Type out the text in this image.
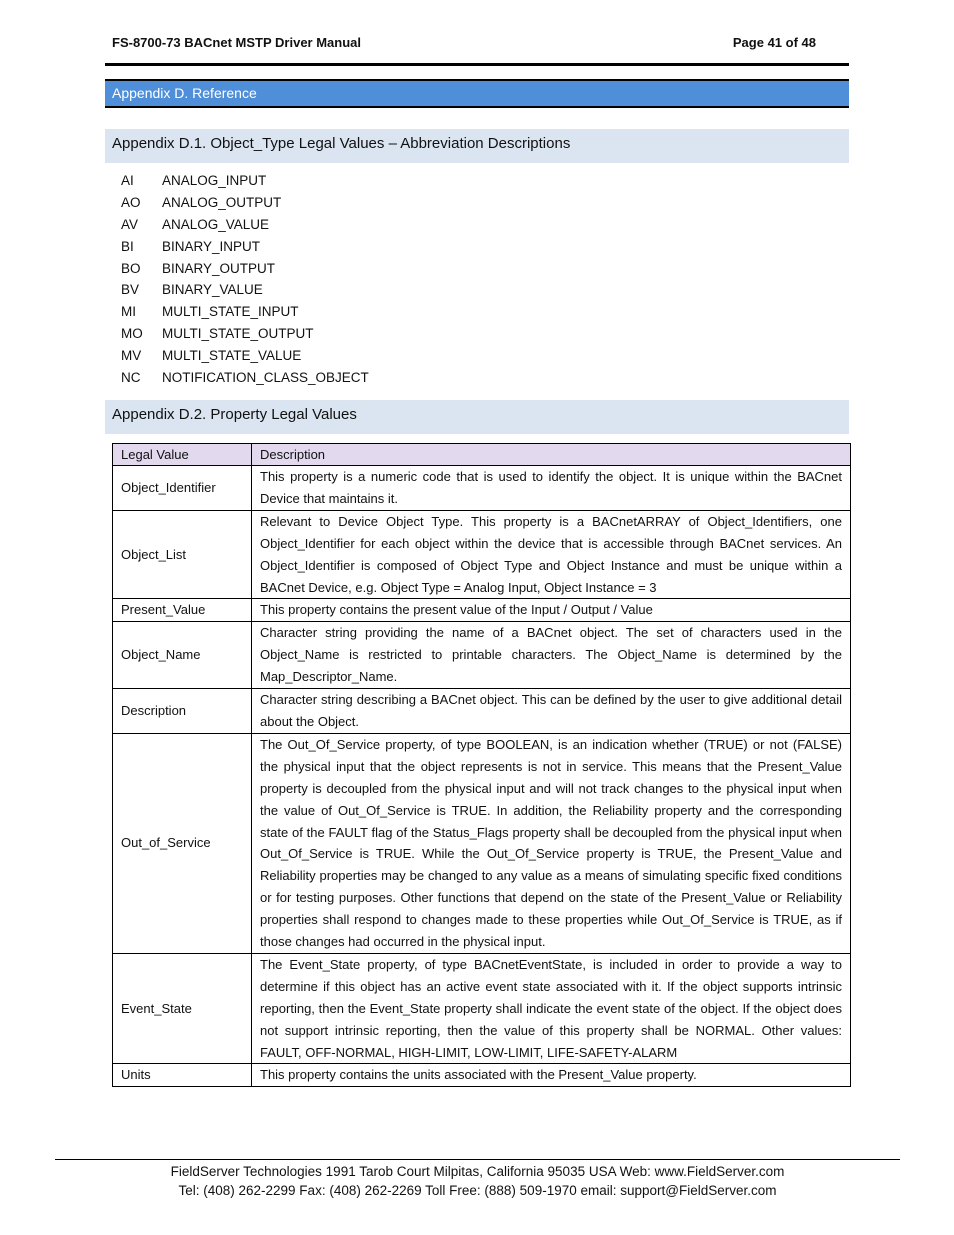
FS-8700-73 BACnet MSTP Driver Manual	Page 41 of 48
Appendix D. Reference
Appendix D.1. Object_Type Legal Values – Abbreviation Descriptions
AI	ANALOG_INPUT
AO	ANALOG_OUTPUT
AV	ANALOG_VALUE
BI	BINARY_INPUT
BO	BINARY_OUTPUT
BV	BINARY_VALUE
MI	MULTI_STATE_INPUT
MO	MULTI_STATE_OUTPUT
MV	MULTI_STATE_VALUE
NC	NOTIFICATION_CLASS_OBJECT
Appendix D.2. Property Legal Values
Legal Value	Description
Object_Identifier	This property is a numeric code that is used to identify the object. It is unique within the BACnet Device that maintains it.
Object_List	Relevant to Device Object Type. This property is a BACnetARRAY of Object_Identifiers, one Object_Identifier for each object within the device that is accessible through BACnet services. An Object_Identifier is composed of Object Type and Object Instance and must be unique within a BACnet Device, e.g. Object Type = Analog Input, Object Instance = 3
Present_Value	This property contains the present value of the Input / Output / Value
Object_Name	Character string providing the name of a BACnet object. The set of characters used in the Object_Name is restricted to printable characters. The Object_Name is determined by the Map_Descriptor_Name.
Description	Character string describing a BACnet object. This can be defined by the user to give additional detail about the Object.
Out_of_Service	The Out_Of_Service property, of type BOOLEAN, is an indication whether (TRUE) or not (FALSE) the physical input that the object represents is not in service. This means that the Present_Value property is decoupled from the physical input and will not track changes to the physical input when the value of Out_Of_Service is TRUE. In addition, the Reliability property and the corresponding state of the FAULT flag of the Status_Flags property shall be decoupled from the physical input when Out_Of_Service is TRUE. While the Out_Of_Service property is TRUE, the Present_Value and Reliability properties may be changed to any value as a means of simulating specific fixed conditions or for testing purposes. Other functions that depend on the state of the Present_Value or Reliability properties shall respond to changes made to these properties while Out_Of_Service is TRUE, as if those changes had occurred in the physical input.
Event_State	The Event_State property, of type BACnetEventState, is included in order to provide a way to determine if this object has an active event state associated with it. If the object supports intrinsic reporting, then the Event_State property shall indicate the event state of the object. If the object does not support intrinsic reporting, then the value of this property shall be NORMAL. Other values: FAULT, OFF-NORMAL, HIGH-LIMIT, LOW-LIMIT, LIFE-SAFETY-ALARM
Units	This property contains the units associated with the Present_Value property.
FieldServer Technologies 1991 Tarob Court Milpitas, California 95035 USA Web: www.FieldServer.com
Tel: (408) 262-2299 Fax: (408) 262-2269 Toll Free: (888) 509-1970 email: support@FieldServer.com
